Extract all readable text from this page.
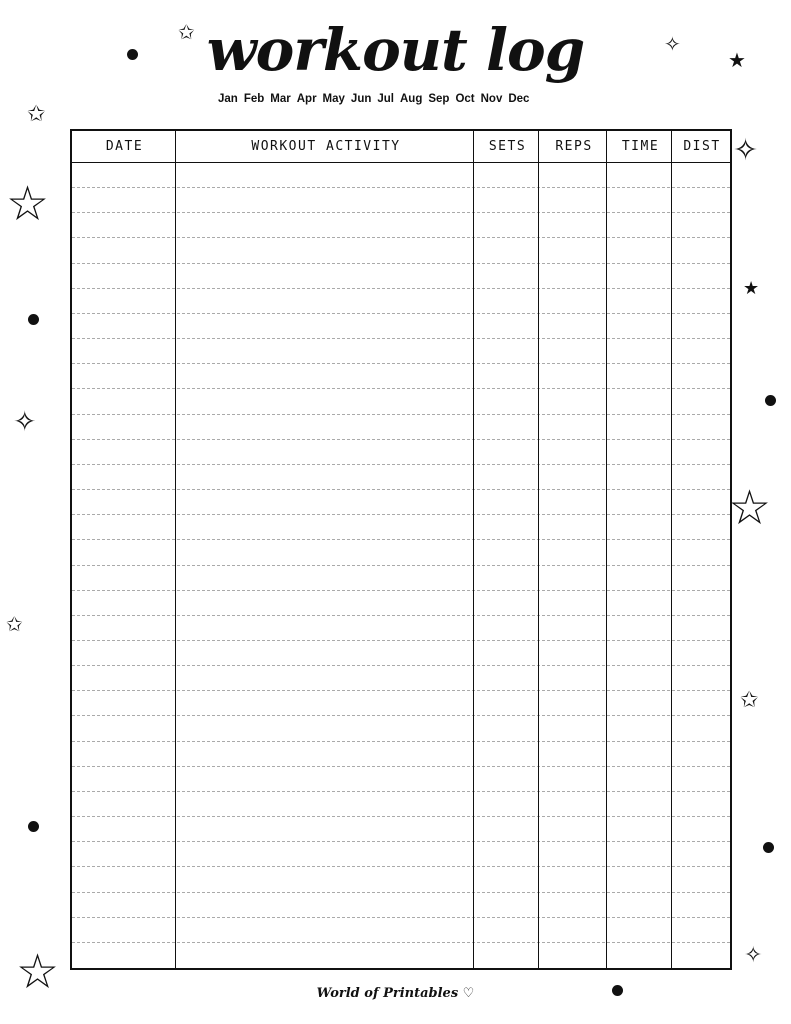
workout log
Jan Feb Mar Apr May Jun Jul Aug Sep Oct Nov Dec
DATE	WORKOUT ACTIVITY	SETS	REPS	TIME	DIST
✩	✧
★
✩
☆
✧
★
✧
☆
✩
✩
✧
☆	World of Printables ♡
